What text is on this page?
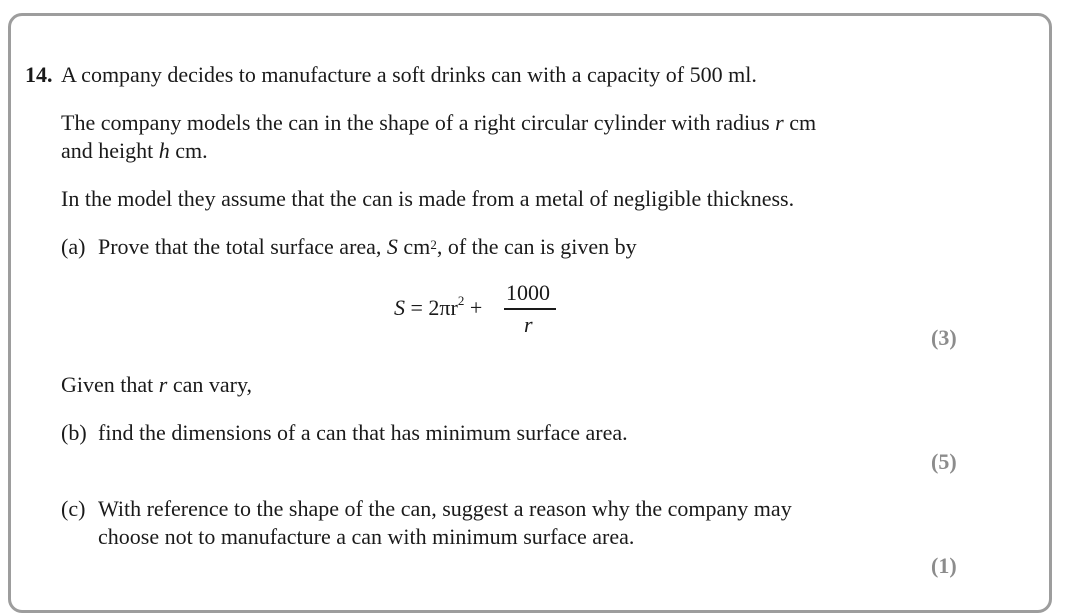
14. A company decides to manufacture a soft drinks can with a capacity of 500 ml.
The company models the can in the shape of a right circular cylinder with radius r cm
and height h cm.
In the model they assume that the can is made from a metal of negligible thickness.
(a) Prove that the total surface area, S $cm^2$, of the can is given by
$S = 2\pi r^2$ +
1000
r
(3)
Given that r can vary,
(b) find the dimensions of a can that has minimum surface area.
(5)
(c) With reference to the shape of the can, suggest a reason why the company may
choose not to manufacture a can with minimum surface area.
(1)
